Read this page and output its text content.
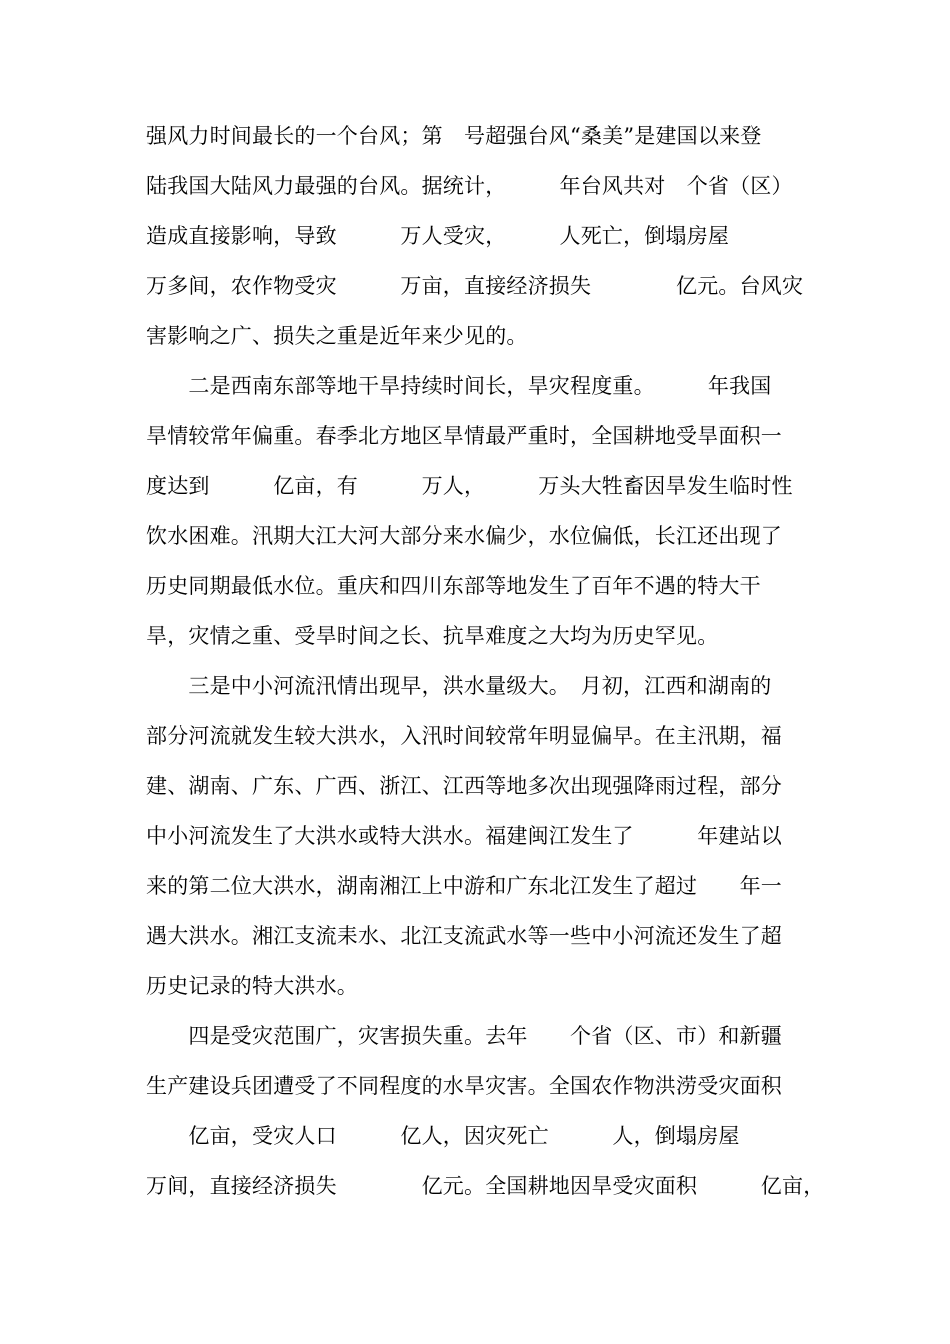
强风力时间最长的一个台风；第　号超强台风“桑美”是建国以来登
陆我国大陆风力最强的台风。据统计，　　　年台风共对　个省（区）
造成直接影响，导致　　　万人受灾，　　　人死亡，倒塌房屋　　
万多间，农作物受灾　　　万亩，直接经济损失　　　　亿元。台风灾
害影响之广、损失之重是近年来少见的。
　　二是西南东部等地干旱持续时间长，旱灾程度重。　　　年我国
旱情较常年偏重。春季北方地区旱情最严重时，全国耕地受旱面积一
度达到　　　亿亩，有　　　万人，　　　万头大牲畜因旱发生临时性
饮水困难。汛期大江大河大部分来水偏少，水位偏低，长江还出现了
历史同期最低水位。重庆和四川东部等地发生了百年不遇的特大干
旱，灾情之重、受旱时间之长、抗旱难度之大均为历史罕见。
　　三是中小河流汛情出现早，洪水量级大。　月初，江西和湖南的
部分河流就发生较大洪水，入汛时间较常年明显偏早。在主汛期，福
建、湖南、广东、广西、浙江、江西等地多次出现强降雨过程，部分
中小河流发生了大洪水或特大洪水。福建闽江发生了　　　年建站以
来的第二位大洪水，湖南湘江上中游和广东北江发生了超过　　年一
遇大洪水。湘江支流耒水、北江支流武水等一些中小河流还发生了超
历史记录的特大洪水。
　　四是受灾范围广，灾害损失重。去年　　个省（区、市）和新疆
生产建设兵团遭受了不同程度的水旱灾害。全国农作物洪涝受灾面积
　　亿亩，受灾人口　　　亿人，因灾死亡　　　人，倒塌房屋　　
万间，直接经济损失　　　　亿元。全国耕地因旱受灾面积　　　亿亩，
